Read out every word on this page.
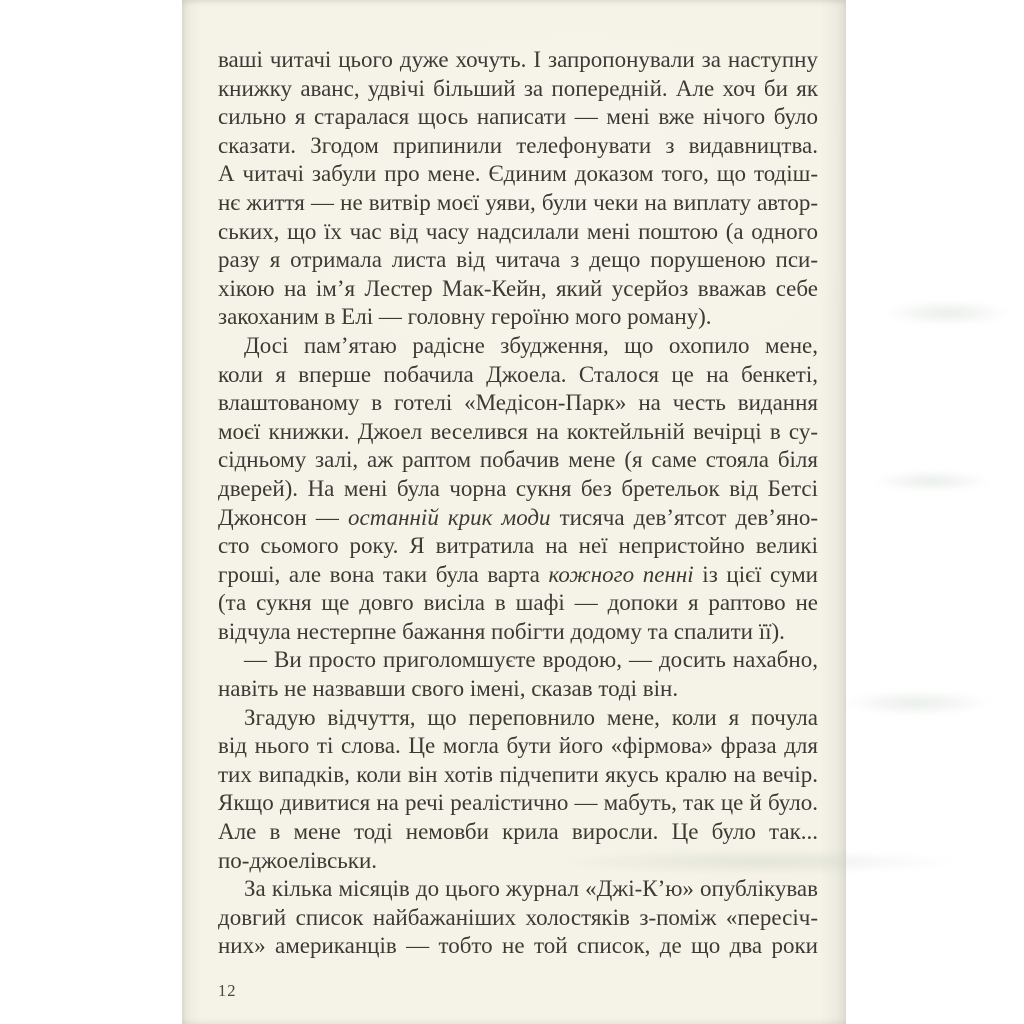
ваші читачі цього дуже хочуть. І запропонували за наступну
книжку аванс, удвічі більший за попередній. Але хоч би як
сильно я старалася щось написати — мені вже нічого було
сказати. Згодом припинили телефонувати з видавництва.
А читачі забули про мене. Єдиним доказом того, що тодіш-
нє життя — не витвір моєї уяви, були чеки на виплату автор-
ських, що їх час від часу надсилали мені поштою (а одного
разу я отримала листа від читача з дещо порушеною пси-
хікою на ім’я Лестер Мак-Кейн, який усерйоз вважав себе
закоханим в Елі — головну героїню мого роману).
Досі пам’ятаю радісне збудження, що охопило мене,
коли я вперше побачила Джоела. Сталося це на бенкеті,
влаштованому в готелі «Медісон-Парк» на честь видання
моєї книжки. Джоел веселився на коктейльній вечірці в су-
сідньому залі, аж раптом побачив мене (я саме стояла біля
дверей). На мені була чорна сукня без бретельок від Бетсі
Джонсон — останній крик моди тисяча дев’ятсот дев’яно-
сто сьомого року. Я витратила на неї непристойно великі
гроші, але вона таки була варта кожного пенні із цієї суми
(та сукня ще довго висіла в шафі — допоки я раптово не
відчула нестерпне бажання побігти додому та спалити її).
— Ви просто приголомшуєте вродою, — досить нахабно,
навіть не назвавши свого імені, сказав тоді він.
Згадую відчуття, що переповнило мене, коли я почула
від нього ті слова. Це могла бути його «фірмова» фраза для
тих випадків, коли він хотів підчепити якусь кралю на вечір.
Якщо дивитися на речі реалістично — мабуть, так це й було.
Але в мене тоді немовби крила виросли. Це було так...
по-джоелівськи.
За кілька місяців до цього журнал «Джі-К’ю» опублікував
довгий список найбажаніших холостяків з-поміж «пересіч-
них» американців — тобто не той список, де що два роки
12
